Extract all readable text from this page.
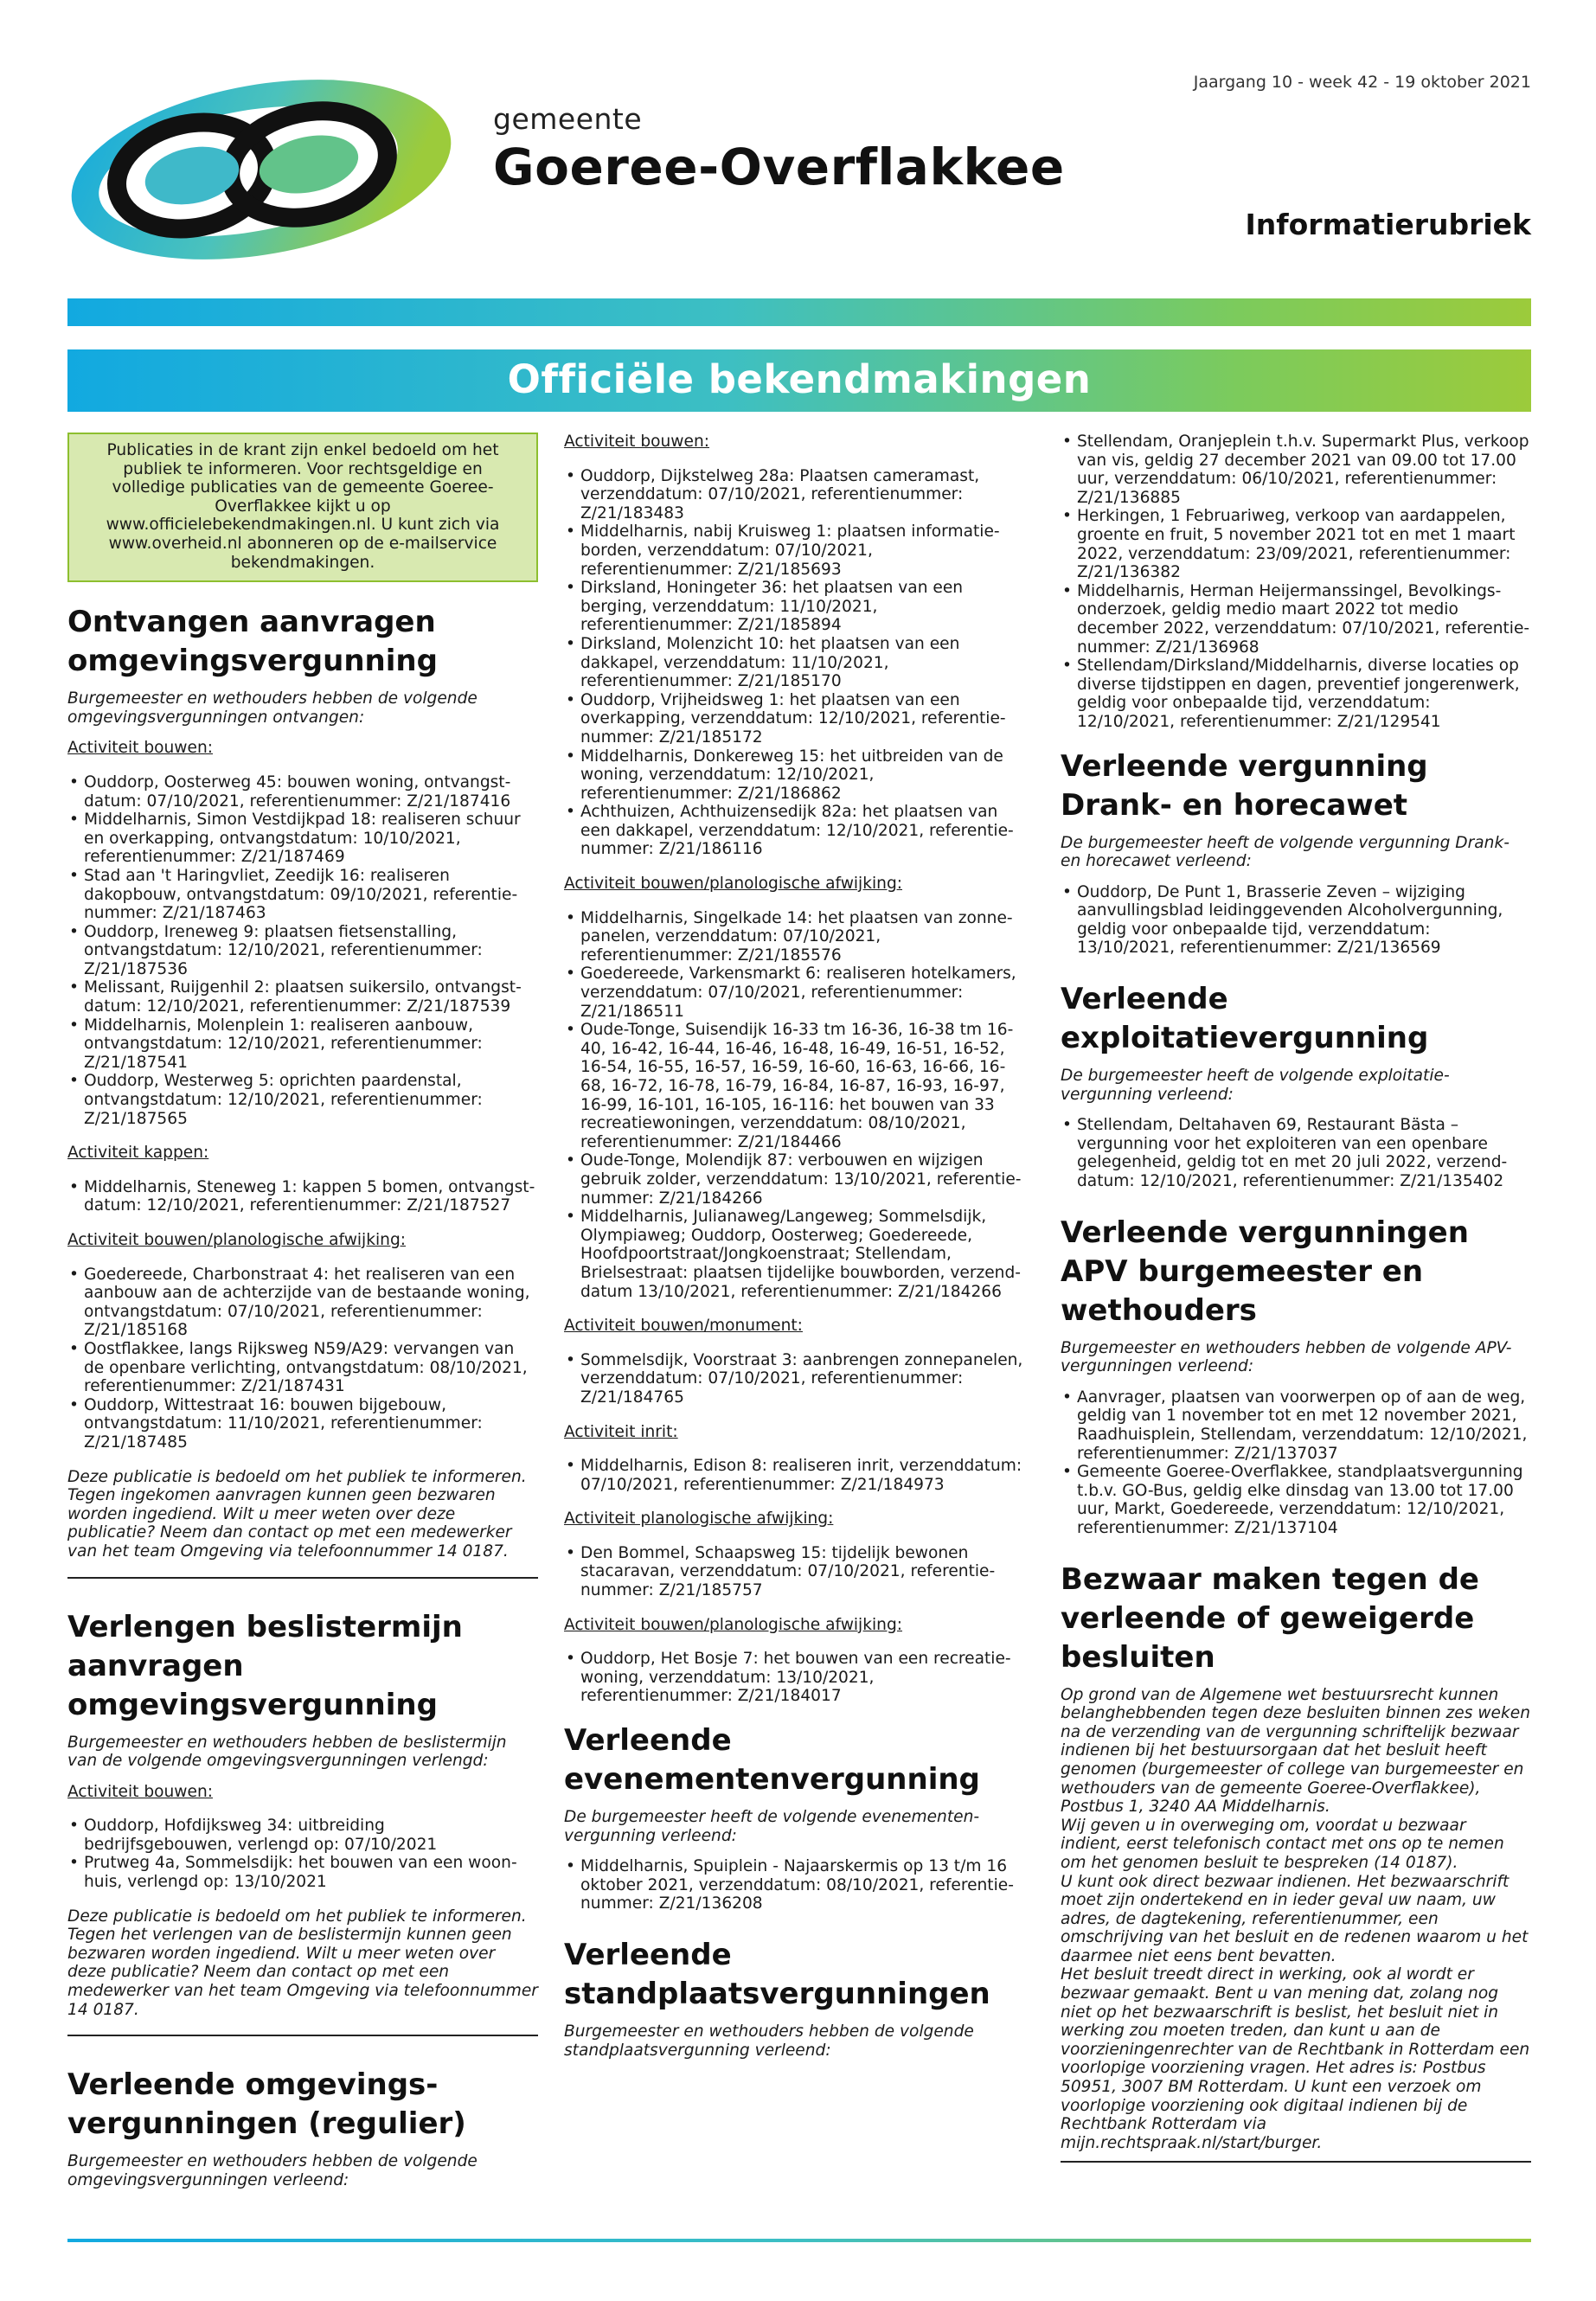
gemeente
Goeree-Overflakkee
Jaargang 10 - week 42 - 19 oktober 2021
Informatierubriek
Officiële bekendmakingen
Publicaties in de krant zijn enkel bedoeld om het publiek te informeren. Voor rechtsgeldige en volledige publicaties van de gemeente Goeree-Overflakkee kijkt u op www.officielebekendmakingen.nl. U kunt zich via www.overheid.nl abonneren op de e-mailservice bekendmakingen.
Ontvangen aanvragen omgevingsvergunning

Burgemeester en wethouders hebben de volgende omgevingsvergunningen ontvangen:

Activiteit bouwen:

• Ouddorp, Oosterweg 45: bouwen woning, ontvangstdatum: 07/10/2021, referentienummer: Z/21/187416
• Middelharnis, Simon Vestdijkpad 18: realiseren schuur en overkapping, ontvangstdatum: 10/10/2021, referentienummer: Z/21/187469
• Stad aan 't Haringvliet, Zeedijk 16: realiseren dakopbouw, ontvangstdatum: 09/10/2021, referentienummer: Z/21/187463
• Ouddorp, Ireneweg 9: plaatsen fietsenstalling, ontvangstdatum: 12/10/2021, referentienummer: Z/21/187536
• Melissant, Ruijgenhil 2: plaatsen suikersilo, ontvangstdatum: 12/10/2021, referentienummer: Z/21/187539
• Middelharnis, Molenplein 1: realiseren aanbouw, ontvangstdatum: 12/10/2021, referentienummer: Z/21/187541
• Ouddorp, Westerweg 5: oprichten paardenstal, ontvangstdatum: 12/10/2021, referentienummer: Z/21/187565

Activiteit kappen:

• Middelharnis, Steneweg 1: kappen 5 bomen, ontvangstdatum: 12/10/2021, referentienummer: Z/21/187527

Activiteit bouwen/planologische afwijking:

• Goedereede, Charbonstraat 4: het realiseren van een aanbouw aan de achterzijde van de bestaande woning, ontvangstdatum: 07/10/2021, referentienummer: Z/21/185168
• Oostflakkee, langs Rijksweg N59/A29: vervangen van de openbare verlichting, ontvangstdatum: 08/10/2021, referentienummer: Z/21/187431
• Ouddorp, Wittestraat 16: bouwen bijgebouw, ontvangstdatum: 11/10/2021, referentienummer: Z/21/187485

Deze publicatie is bedoeld om het publiek te informeren. Tegen ingekomen aanvragen kunnen geen bezwaren worden ingediend. Wilt u meer weten over deze publicatie? Neem dan contact op met een medewerker van het team Omgeving via telefoonnummer 14 0187.

Verlengen beslistermijn aanvragen omgevingsvergunning

Burgemeester en wethouders hebben de beslistermijn van de volgende omgevingsvergunningen verlengd:

Activiteit bouwen:

• Ouddorp, Hofdijksweg 34: uitbreiding bedrijfsgebouwen, verlengd op: 07/10/2021
• Prutweg 4a, Sommelsdijk: het bouwen van een woonhuis, verlengd op: 13/10/2021

Deze publicatie is bedoeld om het publiek te informeren. Tegen het verlengen van de beslistermijn kunnen geen bezwaren worden ingediend. Wilt u meer weten over deze publicatie? Neem dan contact op met een medewerker van het team Omgeving via telefoonnummer 14 0187.

Verleende omgevingsvergunningen (regulier)

Burgemeester en wethouders hebben de volgende omgevingsvergunningen verleend:

Activiteit bouwen:

• Ouddorp, Dijkstelweg 28a: Plaatsen cameramast, verzenddatum: 07/10/2021, referentienummer: Z/21/183483
• Middelharnis, nabij Kruisweg 1: plaatsen informatieborden, verzenddatum: 07/10/2021, referentienummer: Z/21/185693
• Dirksland, Honingeter 36: het plaatsen van een berging, verzenddatum: 11/10/2021, referentienummer: Z/21/185894
• Dirksland, Molenzicht 10: het plaatsen van een dakkapel, verzenddatum: 11/10/2021, referentienummer: Z/21/185170
• Ouddorp, Vrijheidsweg 1: het plaatsen van een overkapping, verzenddatum: 12/10/2021, referentienummer: Z/21/185172
• Middelharnis, Donkereweg 15: het uitbreiden van de woning, verzenddatum: 12/10/2021, referentienummer: Z/21/186862
• Achthuizen, Achthuizensedijk 82a: het plaatsen van een dakkapel, verzenddatum: 12/10/2021, referentienummer: Z/21/186116

Activiteit bouwen/planologische afwijking:

• Middelharnis, Singelkade 14: het plaatsen van zonnepanelen, verzenddatum: 07/10/2021, referentienummer: Z/21/185576
• Goedereede, Varkensmarkt 6: realiseren hotelkamers, verzenddatum: 07/10/2021, referentienummer: Z/21/186511
• Oude-Tonge, Suisendijk 16-33 tm 16-36, 16-38 tm 16-40, 16-42, 16-44, 16-46, 16-48, 16-49, 16-51, 16-52, 16-54, 16-55, 16-57, 16-59, 16-60, 16-63, 16-66, 16-68, 16-72, 16-78, 16-79, 16-84, 16-87, 16-93, 16-97, 16-99, 16-101, 16-105, 16-116: het bouwen van 33 recreatiewoningen, verzenddatum: 08/10/2021, referentienummer: Z/21/184466
• Oude-Tonge, Molendijk 87: verbouwen en wijzigen gebruik zolder, verzenddatum: 13/10/2021, referentienummer: Z/21/184266
• Middelharnis, Julianaweg/Langeweg; Sommelsdijk, Olympiaweg; Ouddorp, Oosterweg; Goedereede, Hoofdpoortstraat/Jongkoenstraat; Stellendam, Brielsestraat: plaatsen tijdelijke bouwborden, verzenddatum 13/10/2021, referentienummer: Z/21/184266

Activiteit bouwen/monument:

• Sommelsdijk, Voorstraat 3: aanbrengen zonnepanelen, verzenddatum: 07/10/2021, referentienummer: Z/21/184765

Activiteit inrit:

• Middelharnis, Edison 8: realiseren inrit, verzenddatum: 07/10/2021, referentienummer: Z/21/184973

Activiteit planologische afwijking:

• Den Bommel, Schaapsweg 15: tijdelijk bewonen stacaravan, verzenddatum: 07/10/2021, referentienummer: Z/21/185757

Activiteit bouwen/planologische afwijking:

• Ouddorp, Het Bosje 7: het bouwen van een recreatiewoning, verzenddatum: 13/10/2021, referentienummer: Z/21/184017
Verleende evenementenvergunning

De burgemeester heeft de volgende evenementenvergunning verleend:

• Middelharnis, Spuiplein - Najaarskermis op 13 t/m 16 oktober 2021, verzenddatum: 08/10/2021, referentienummer: Z/21/136208
Verleende standplaatsvergunningen

Burgemeester en wethouders hebben de volgende standplaatsvergunning verleend:

• Stellendam, Oranjeplein t.h.v. Supermarkt Plus, verkoop van vis, geldig 27 december 2021 van 09.00 tot 17.00 uur, verzenddatum: 06/10/2021, referentienummer: Z/21/136885
• Herkingen, 1 Februariweg, verkoop van aardappelen, groente en fruit, 5 november 2021 tot en met 1 maart 2022, verzenddatum: 23/09/2021, referentienummer: Z/21/136382
• Middelharnis, Herman Heijermanssingel, Bevolkingsonderzoek, geldig medio maart 2022 tot medio december 2022, verzenddatum: 07/10/2021, referentienummer: Z/21/136968
• Stellendam/Dirksland/Middelharnis, diverse locaties op diverse tijdstippen en dagen, preventief jongerenwerk, geldig voor onbepaalde tijd, verzenddatum: 12/10/2021, referentienummer: Z/21/129541
Verleende vergunning Drank- en horecawet

De burgemeester heeft de volgende vergunning Drank- en horecawet verleend:

• Ouddorp, De Punt 1, Brasserie Zeven – wijziging aanvullingsblad leidinggevenden Alcoholvergunning, geldig voor onbepaalde tijd, verzenddatum: 13/10/2021, referentienummer: Z/21/136569
Verleende exploitatievergunning

De burgemeester heeft de volgende exploitatievergunning verleend:

• Stellendam, Deltahaven 69, Restaurant Bästa – vergunning voor het exploiteren van een openbare gelegenheid, geldig tot en met 20 juli 2022, verzenddatum: 12/10/2021, referentienummer: Z/21/135402
Verleende vergunningen APV burgemeester en wethouders

Burgemeester en wethouders hebben de volgende APV-vergunningen verleend:

• Aanvrager, plaatsen van voorwerpen op of aan de weg, geldig van 1 november tot en met 12 november 2021, Raadhuisplein, Stellendam, verzenddatum: 12/10/2021, referentienummer: Z/21/137037
• Gemeente Goeree-Overflakkee, standplaatsvergunning t.b.v. GO-Bus, geldig elke dinsdag van 13.00 tot 17.00 uur, Markt, Goedereede, verzenddatum: 12/10/2021, referentienummer: Z/21/137104
Bezwaar maken tegen de verleende of geweigerde besluiten

Op grond van de Algemene wet bestuursrecht kunnen belanghebbenden tegen deze besluiten binnen zes weken na de verzending van de vergunning schriftelijk bezwaar indienen bij het bestuursorgaan dat het besluit heeft genomen (burgemeester of college van burgemeester en wethouders van de gemeente Goeree-Overflakkee), Postbus 1, 3240 AA Middelharnis.

Wij geven u in overweging om, voordat u bezwaar indient, eerst telefonisch contact met ons op te nemen om het genomen besluit te bespreken (14 0187).

U kunt ook direct bezwaar indienen. Het bezwaarschrift moet zijn ondertekend en in ieder geval uw naam, uw adres, de dagtekening, referentienummer, een omschrijving van het besluit en de redenen waarom u het daarmee niet eens bent bevatten.

Het besluit treedt direct in werking, ook al wordt er bezwaar gemaakt. Bent u van mening dat, zolang nog niet op het bezwaarschrift is beslist, het besluit niet in werking zou moeten treden, dan kunt u aan de voorzieningenrechter van de Rechtbank in Rotterdam een voorlopige voorziening vragen. Het adres is: Postbus 50951, 3007 BM Rotterdam. U kunt een verzoek om voorlopige voorziening ook digitaal indienen bij de Rechtbank Rotterdam via mijn.rechtspraak.nl/start/burger.
